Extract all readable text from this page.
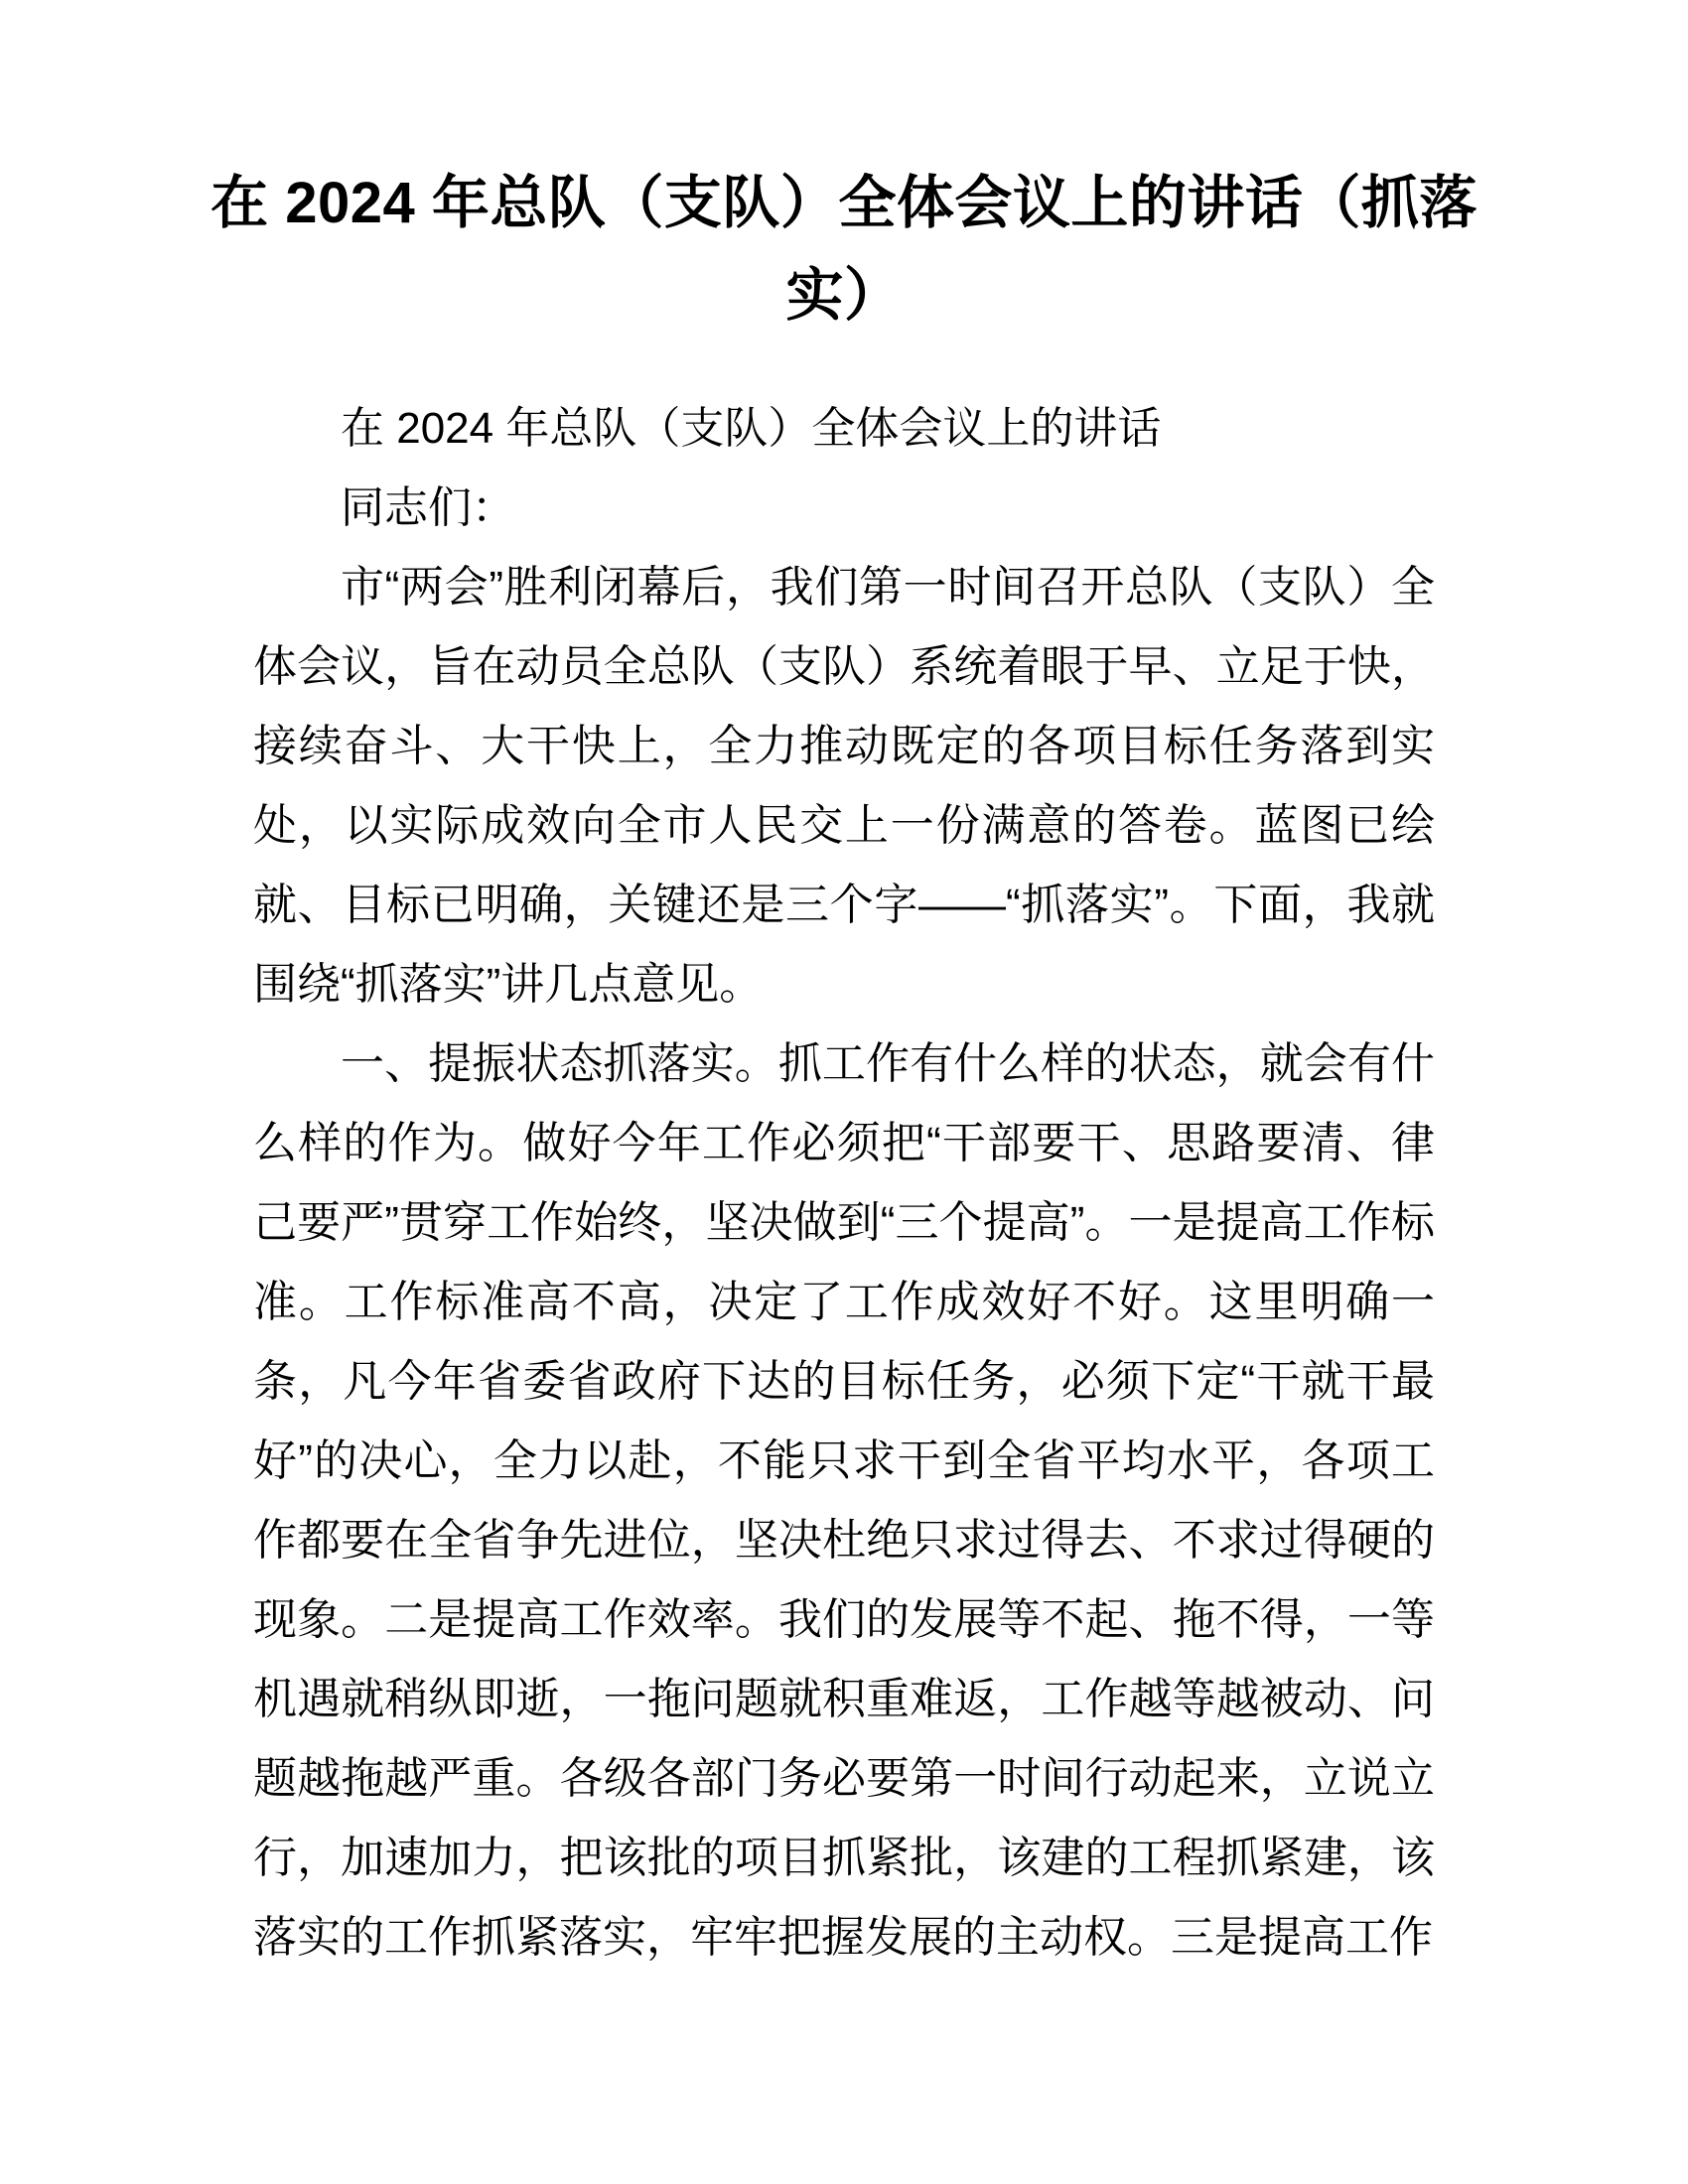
在 2024 年总队（支队）全体会议上的讲话（抓落实）

在 2024 年总队（支队）全体会议上的讲话

同志们：

市“两会”胜利闭幕后，我们第一时间召开总队（支队）全体会议，旨在动员全总队（支队）系统着眼于早、立足于快，接续奋斗、大干快上，全力推动既定的各项目标任务落到实处，以实际成效向全市人民交上一份满意的答卷。蓝图已绘就、目标已明确，关键还是三个字——“抓落实”。下面，我就围绕“抓落实”讲几点意见。

一、提振状态抓落实。抓工作有什么样的状态，就会有什么样的作为。做好今年工作必须把“干部要干、思路要清、律己要严”贯穿工作始终，坚决做到“三个提高”。一是提高工作标准。工作标准高不高，决定了工作成效好不好。这里明确一条，凡今年省委省政府下达的目标任务，必须下定“干就干最好”的决心，全力以赴，不能只求干到全省平均水平，各项工作都要在全省争先进位，坚决杜绝只求过得去、不求过得硬的现象。二是提高工作效率。我们的发展等不起、拖不得，一等机遇就稍纵即逝，一拖问题就积重难返，工作越等越被动、问题越拖越严重。各级各部门务必要第一时间行动起来，立说立行，加速加力，把该批的项目抓紧批，该建的工程抓紧建，该落实的工作抓紧落实，牢牢把握发展的主动权。三是提高工作
